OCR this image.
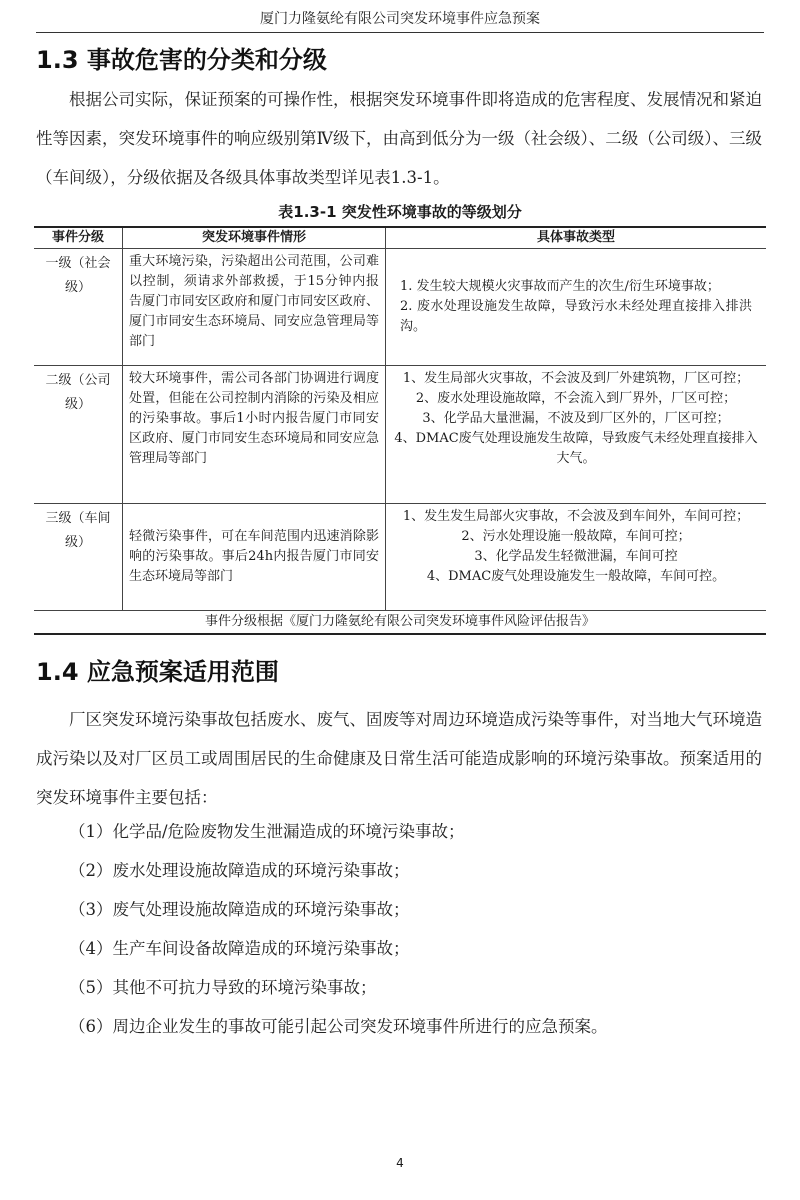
厦门力隆氨纶有限公司突发环境事件应急预案
1.3 事故危害的分类和分级

根据公司实际，保证预案的可操作性，根据突发环境事件即将造成的危害程度、发展情况和紧迫性等因素，突发环境事件的响应级别第Ⅳ级下，由高到低分为一级（社会级）、二级（公司级）、三级（车间级），分级依据及各级具体事故类型详见表1.3-1。

表1.3-1 突发性环境事故的等级划分
事件分级	突发环境事件情形	具体事故类型
一级（社会级）	重大环境污染，污染超出公司范围，公司难以控制，须请求外部救援，于15分钟内报告厦门市同安区政府和厦门市同安区政府、厦门市同安生态环境局、同安应急管理局等部门	1. 发生较大规模火灾事故而产生的次生/衍生环境事故；
2. 废水处理设施发生故障，导致污水未经处理直接排入排洪沟。

二级（公司级）	较大环境事件，需公司各部门协调进行调度处置，但能在公司控制内消除的污染及相应的污染事故。事后1小时内报告厦门市同安区政府、厦门市同安生态环境局和同安应急管理局等部门	1、发生局部火灾事故，不会波及到厂外建筑物，厂区可控；
2、废水处理设施故障，不会流入到厂界外，厂区可控；
3、化学品大量泄漏，不波及到厂区外的，厂区可控；
4、DMAC废气处理设施发生故障，导致废气未经处理直接排入大气。

三级（车间级）	轻微污染事件，可在车间范围内迅速消除影响的污染事故。事后24h内报告厦门市同安生态环境局等部门	1、发生发生局部火灾事故，不会波及到车间外，车间可控；
2、污水处理设施一般故障，车间可控；
3、化学品发生轻微泄漏，车间可控
4、DMAC废气处理设施发生一般故障，车间可控。

事件分级根据《厦门力隆氨纶有限公司突发环境事件风险评估报告》		
1.4 应急预案适用范围

厂区突发环境污染事故包括废水、废气、固废等对周边环境造成污染等事件，对当地大气环境造成污染以及对厂区员工或周围居民的生命健康及日常生活可能造成影响的环境污染事故。预案适用的突发环境事件主要包括：

（1）化学品/危险废物发生泄漏造成的环境污染事故；
（2）废水处理设施故障造成的环境污染事故；
（3）废气处理设施故障造成的环境污染事故；
（4）生产车间设备故障造成的环境污染事故；
（5）其他不可抗力导致的环境污染事故；
（6）周边企业发生的事故可能引起公司突发环境事件所进行的应急预案。
4
